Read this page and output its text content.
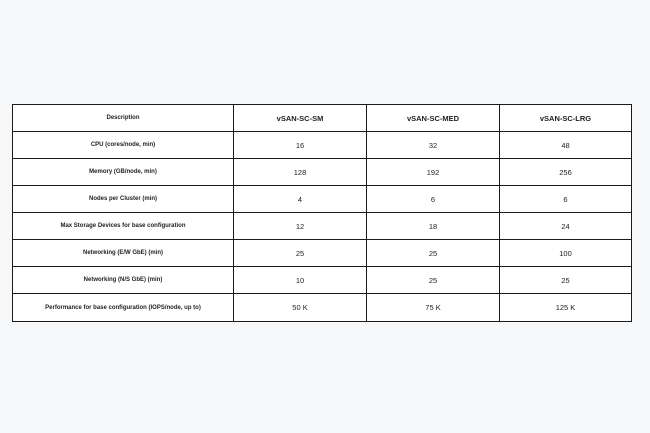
Description	vSAN-SC-SM	vSAN-SC-MED	vSAN-SC-LRG
CPU (cores/node, min)	16	32	48
Memory (GB/node, min)	128	192	256
Nodes per Cluster (min)	4	6	6
Max Storage Devices for base configuration	12	18	24
Networking (E/W GbE) (min)	25	25	100
Networking (N/S GbE) (min)	10	25	25
Performance for base configuration (IOPS/node, up to)	50 K	75 K	125 K
